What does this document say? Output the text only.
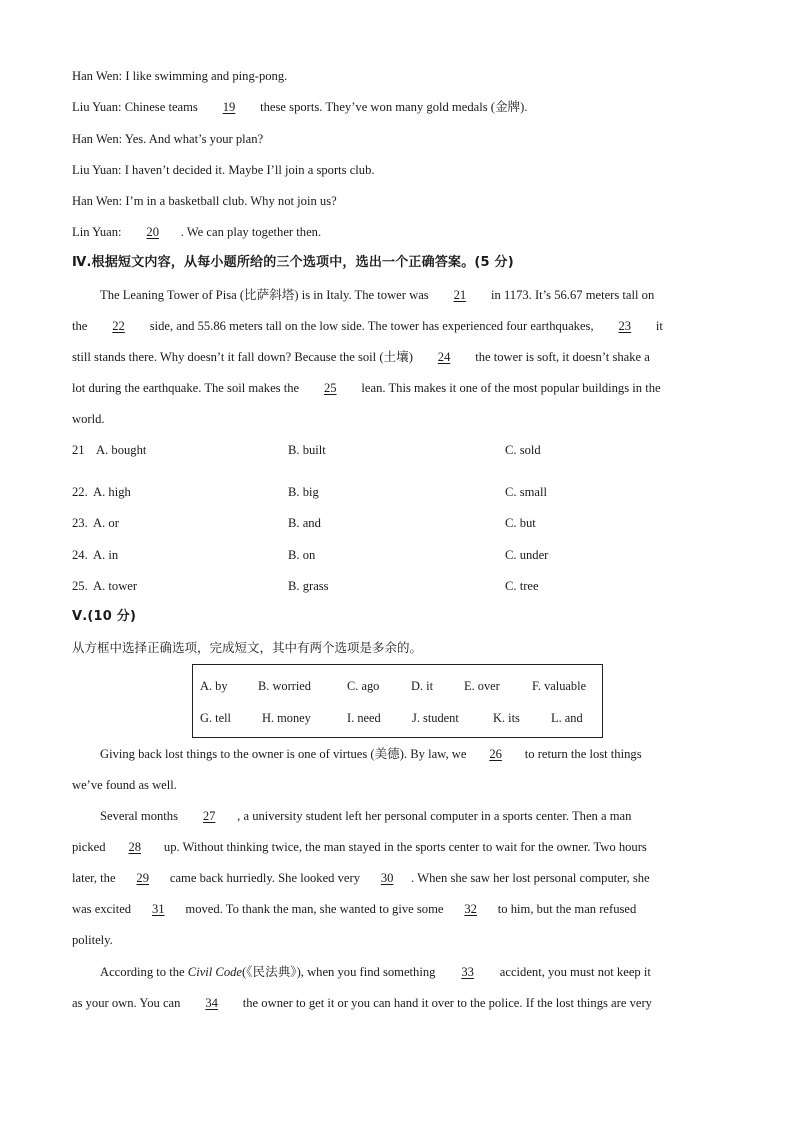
Han Wen: I like swimming and ping-pong.
Liu Yuan: Chinese teams 19 these sports. They’ve won many gold medals (金牌).
Han Wen: Yes. And what’s your plan?
Liu Yuan: I haven’t decided it. Maybe I’ll join a sports club.
Han Wen: I’m in a basketball club. Why not join us?
Lin Yuan: 20 . We can play together then.
Ⅳ.根据短文内容，从每小题所给的三个选项中，选出一个正确答案。(5 分)
The Leaning Tower of Pisa (比萨斜塔) is in Italy. The tower was 21 in 1173. It’s 56.67 meters tall on
the 22 side, and 55.86 meters tall on the low side. The tower has experienced four earthquakes, 23 it
still stands there. Why doesn’t it fall down? Because the soil (土壤) 24 the tower is soft, it doesn’t shake a
lot during the earthquake. The soil makes the 25 lean. This makes it one of the most popular buildings in the
world.
21 A. bought	B. built	C. sold
22. A. high	B. big	C. small
23. A. or	B. and	C. but
24. A. in	B. on	C. under
25. A. tower	B. grass	C. tree
Ⅴ.(10 分)
从方框中选择正确选项，完成短文，其中有两个选项是多余的。
A. by B. worried	C. ago	D. it E. over	F. valuable
G. tell	H. money	I. need	J. student	K. its	L. and
Giving back lost things to the owner is one of virtues (美德). By law, we 26 to return the lost things
we’ve found as well.
Several months 27 , a university student left her personal computer in a sports center. Then a man
picked 28 up. Without thinking twice, the man stayed in the sports center to wait for the owner. Two hours
later, the 29 came back hurriedly. She looked very 30 . When she saw her lost personal computer, she
was excited 31 moved. To thank the man, she wanted to give some 32 to him, but the man refused
politely.
According to the Civil Code(《民法典》), when you find something 33 accident, you must not keep it
as your own. You can 34 the owner to get it or you can hand it over to the police. If the lost things are very
